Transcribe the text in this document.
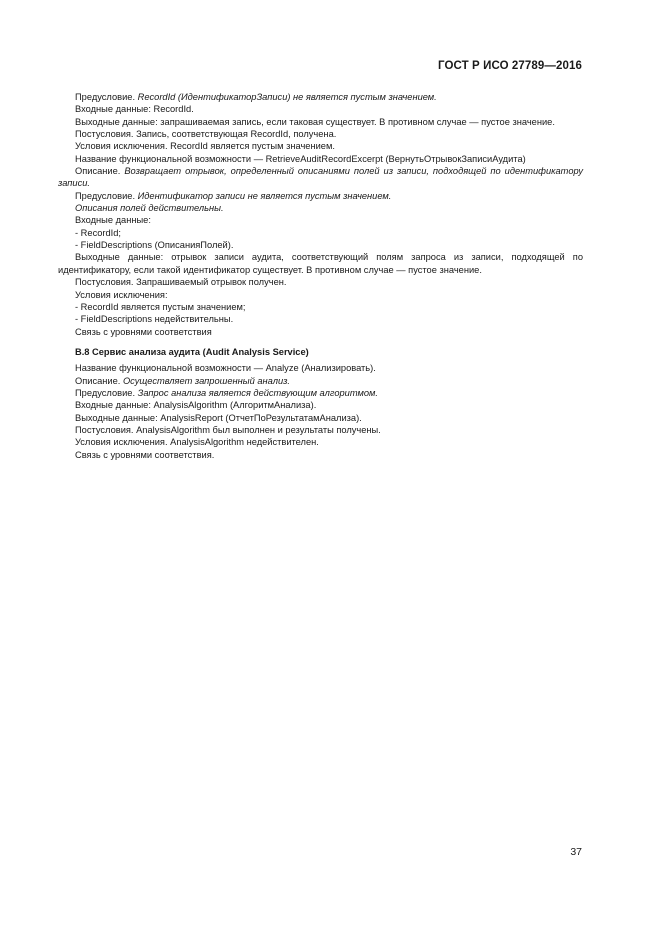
ГОСТ Р ИСО 27789—2016

Предусловие. RecordId (ИдентификаторЗаписи) не является пустым значением.

Входные данные: RecordId.

Выходные данные: запрашиваемая запись, если таковая существует. В противном случае — пустое значение.

Постусловия. Запись, соответствующая RecordId, получена.

Условия исключения. RecordId является пустым значением.

Название функциональной возможности — RetrieveAuditRecordExcerpt (ВернутьОтрывокЗаписиАудита)

Описание. Возвращает отрывок, определенный описаниями полей из записи, подходящей по идентификатору записи.

Предусловие. Идентификатор записи не является пустым значением.

Описания полей действительны.

Входные данные:

- RecordId;

- FieldDescriptions (ОписанияПолей).

Выходные данные: отрывок записи аудита, соответствующий полям запроса из записи, подходящей по идентификатору, если такой идентификатор существует. В противном случае — пустое значение.

Постусловия. Запрашиваемый отрывок получен.

Условия исключения:

- RecordId является пустым значением;

- FieldDescriptions недействительны.

Связь с уровнями соответствия

В.8 Сервис анализа аудита (Audit Analysis Service)

Название функциональной возможности — Analyze (Анализировать).

Описание. Осуществляет запрошенный анализ.

Предусловие. Запрос анализа является действующим алгоритмом.

Входные данные: AnalysisAlgorithm (АлгоритмАнализа).

Выходные данные: AnalysisReport (ОтчетПоРезультатамАнализа).

Постусловия. AnalysisAlgorithm был выполнен и результаты получены.

Условия исключения. AnalysisAlgorithm недействителен.

Связь с уровнями соответствия.

37
